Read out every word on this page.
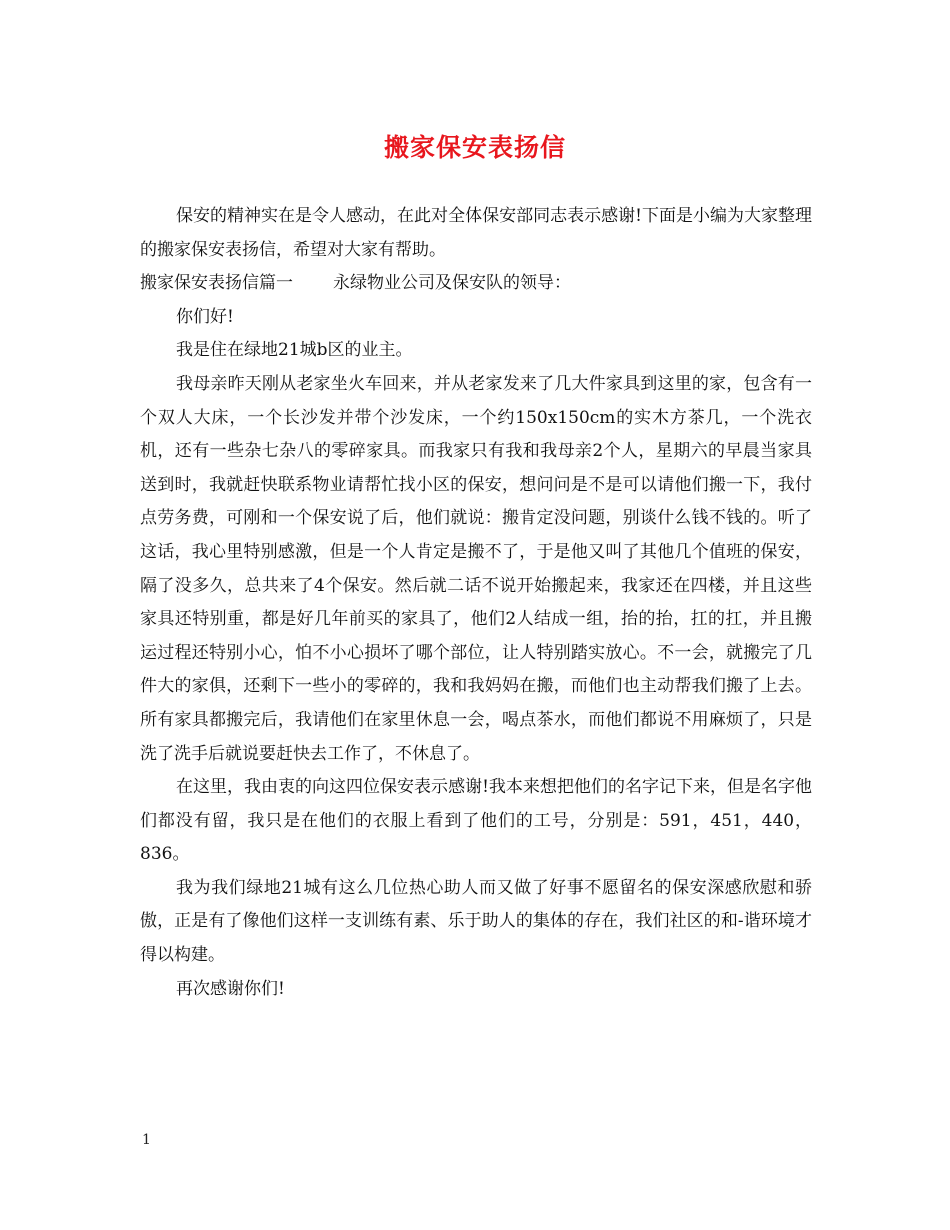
搬家保安表扬信

保安的精神实在是令人感动，在此对全体保安部同志表示感谢!下面是小编为大家整理的搬家保安表扬信，希望对大家有帮助。

搬家保安表扬信篇一 永绿物业公司及保安队的领导：

你们好!

我是住在绿地21城b区的业主。

我母亲昨天刚从老家坐火车回来，并从老家发来了几大件家具到这里的家，包含有一个双人大床，一个长沙发并带个沙发床，一个约150x150cm的实木方茶几，一个洗衣机，还有一些杂七杂八的零碎家具。而我家只有我和我母亲2个人，星期六的早晨当家具送到时，我就赶快联系物业请帮忙找小区的保安，想问问是不是可以请他们搬一下，我付点劳务费，可刚和一个保安说了后，他们就说：搬肯定没问题，别谈什么钱不钱的。听了这话，我心里特别感激，但是一个人肯定是搬不了，于是他又叫了其他几个值班的保安，隔了没多久，总共来了4个保安。然后就二话不说开始搬起来，我家还在四楼，并且这些家具还特别重，都是好几年前买的家具了，他们2人结成一组，抬的抬，扛的扛，并且搬运过程还特别小心，怕不小心损坏了哪个部位，让人特别踏实放心。不一会，就搬完了几件大的家俱，还剩下一些小的零碎的，我和我妈妈在搬，而他们也主动帮我们搬了上去。所有家具都搬完后，我请他们在家里休息一会，喝点茶水，而他们都说不用麻烦了，只是洗了洗手后就说要赶快去工作了，不休息了。

在这里，我由衷的向这四位保安表示感谢!我本来想把他们的名字记下来，但是名字他们都没有留，我只是在他们的衣服上看到了他们的工号，分别是：591，451，440，836。

我为我们绿地21城有这么几位热心助人而又做了好事不愿留名的保安深感欣慰和骄傲，正是有了像他们这样一支训练有素、乐于助人的集体的存在，我们社区的和-谐环境才得以构建。

再次感谢你们!

1
